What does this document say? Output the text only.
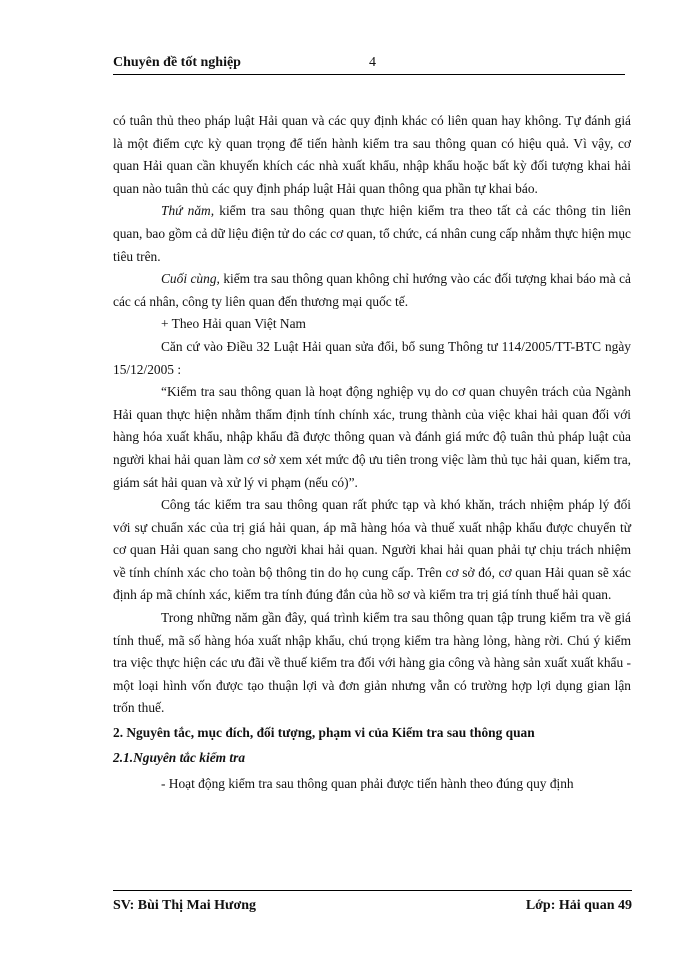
Chuyên đề tốt nghiệp	4

có tuân thủ theo pháp luật Hải quan và các quy định khác có liên quan hay không. Tự đánh giá là một điểm cực kỳ quan trọng để tiến hành kiểm tra sau thông quan có hiệu quả. Vì vậy, cơ quan Hải quan cần khuyến khích các nhà xuất khẩu, nhập khẩu hoặc bất kỳ đối tượng khai hải quan nào tuân thủ các quy định pháp luật Hải quan thông qua phần tự khai báo.

Thứ năm, kiểm tra sau thông quan thực hiện kiểm tra theo tất cả các thông tin liên quan, bao gồm cả dữ liệu điện tử do các cơ quan, tổ chức, cá nhân cung cấp nhằm thực hiện mục tiêu trên.

Cuối cùng, kiểm tra sau thông quan không chỉ hướng vào các đối tượng khai báo mà cả các cá nhân, công ty liên quan đến thương mại quốc tế.

+ Theo Hải quan Việt Nam

Căn cứ vào Điều 32 Luật Hải quan sửa đổi, bổ sung Thông tư 114/2005/TT-BTC ngày 15/12/2005 :

“Kiểm tra sau thông quan là hoạt động nghiệp vụ do cơ quan chuyên trách của Ngành Hải quan thực hiện nhằm thẩm định tính chính xác, trung thành của việc khai hải quan đối với hàng hóa xuất khẩu, nhập khẩu đã được thông quan và đánh giá mức độ tuân thủ pháp luật của người khai hải quan làm cơ sở xem xét mức độ ưu tiên trong việc làm thủ tục hải quan, kiểm tra, giám sát hải quan và xử lý vi phạm (nếu có)”.

Công tác kiểm tra sau thông quan rất phức tạp và khó khăn, trách nhiệm pháp lý đối với sự chuẩn xác của trị giá hải quan, áp mã hàng hóa và thuế xuất nhập khẩu được chuyển từ cơ quan Hải quan sang cho người khai hải quan. Người khai hải quan phải tự chịu trách nhiệm về tính chính xác cho toàn bộ thông tin do họ cung cấp. Trên cơ sở đó, cơ quan Hải quan sẽ xác định áp mã chính xác, kiểm tra tính đúng đắn của hồ sơ và kiểm tra trị giá tính thuế hải quan.

Trong những năm gần đây, quá trình kiểm tra sau thông quan tập trung kiểm tra về giá tính thuế, mã số hàng hóa xuất nhập khẩu, chú trọng kiểm tra hàng lỏng, hàng rời. Chú ý kiểm tra việc thực hiện các ưu đãi về thuế kiểm tra đối với hàng gia công và hàng sản xuất xuất khẩu - một loại hình vốn được tạo thuận lợi và đơn giản nhưng vẫn có trường hợp lợi dụng gian lận trốn thuế.

2. Nguyên tắc, mục đích, đối tượng, phạm vi của Kiểm tra sau thông quan

2.1.Nguyên tắc kiểm tra

- Hoạt động kiểm tra sau thông quan phải được tiến hành theo đúng quy định

SV: Bùi Thị Mai Hương	Lớp: Hải quan 49
